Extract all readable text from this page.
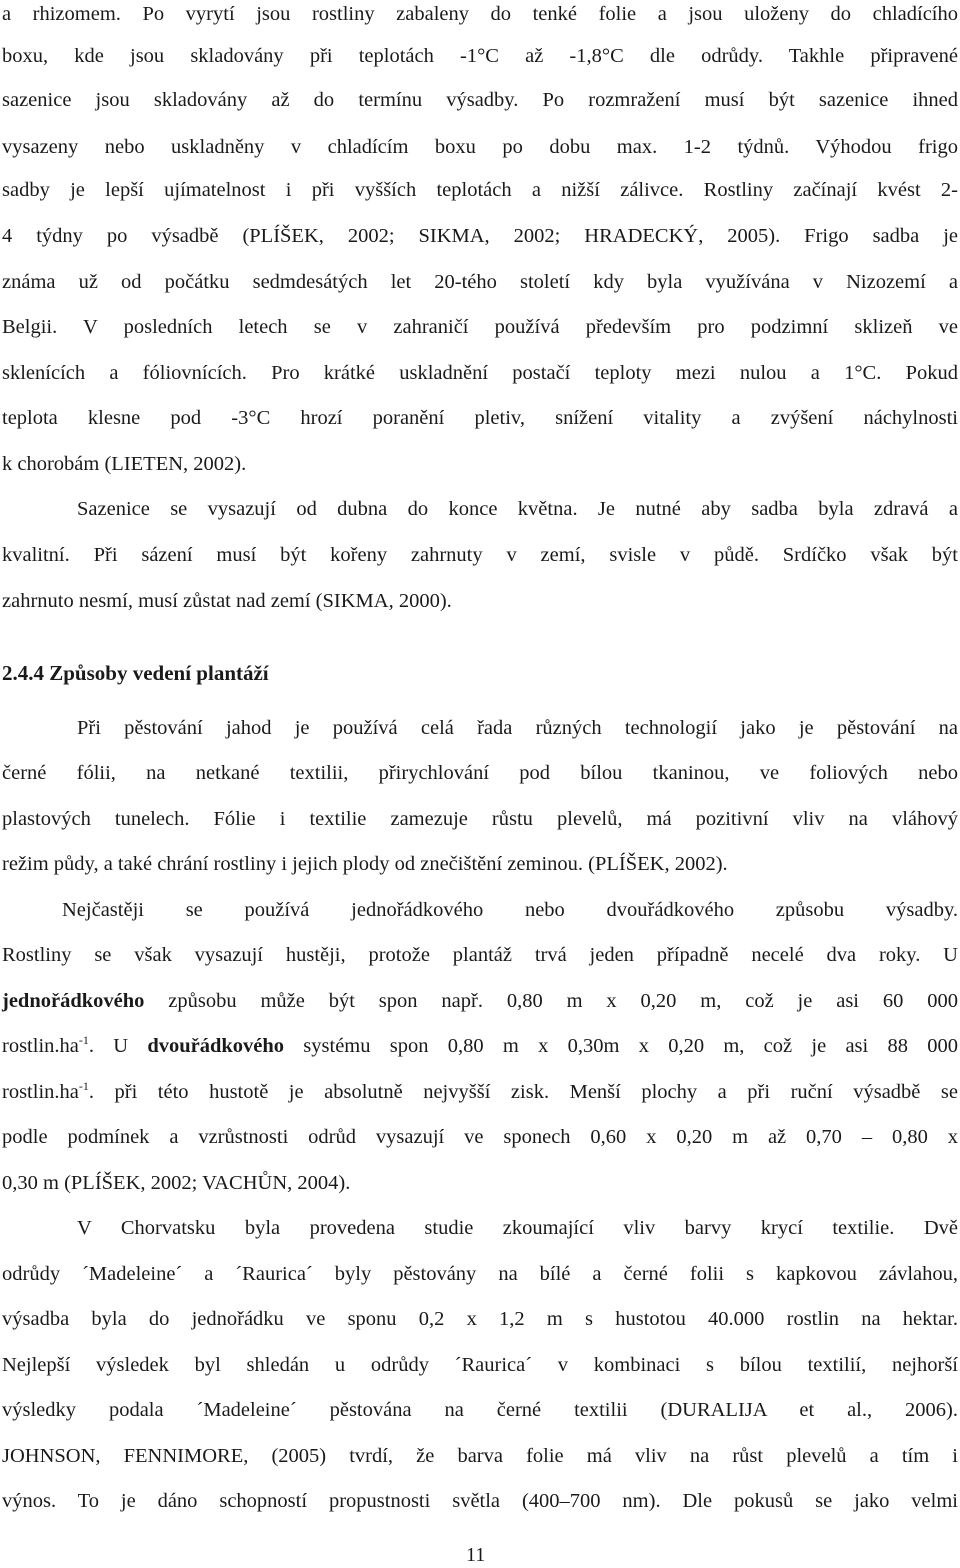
a rhizomem. Po vyrytí jsou rostliny zabaleny do tenké folie a jsou uloženy do chladícího
boxu, kde jsou skladovány při teplotách -1°C až -1,8°C dle odrůdy. Takhle připravené
sazenice jsou skladovány až do termínu výsadby. Po rozmražení musí být sazenice ihned
vysazeny nebo uskladněny v chladícím boxu po dobu max. 1-2 týdnů. Výhodou frigo
sadby je lepší ujímatelnost i při vyšších teplotách a nižší zálivce. Rostliny začínají kvést 2-
4 týdny po výsadbě (PLÍŠEK, 2002; SIKMA, 2002; HRADECKÝ, 2005). Frigo sadba je
známa už od počátku sedmdesátých let 20-tého století kdy byla využívána v Nizozemí a
Belgii. V posledních letech se v zahraničí používá především pro podzimní sklizeň ve
sklenících a fóliovnících. Pro krátké uskladnění postačí teploty mezi nulou a 1°C. Pokud
teplota klesne pod -3°C hrozí poranění pletiv, snížení vitality a zvýšení náchylnosti
k chorobám (LIETEN, 2002).
Sazenice se vysazují od dubna do konce května. Je nutné aby sadba byla zdravá a
kvalitní. Při sázení musí být kořeny zahrnuty v zemí, svisle v půdě. Srdíčko však být
zahrnuto nesmí, musí zůstat nad zemí (SIKMA, 2000).
2.4.4 Způsoby vedení plantáží
Při pěstování jahod je používá celá řada různých technologií jako je pěstování na
černé fólii, na netkané textilii, přirychlování pod bílou tkaninou, ve foliových nebo
plastových tunelech. Fólie i textilie zamezuje růstu plevelů, má pozitivní vliv na vláhový
režim půdy, a také chrání rostliny i jejich plody od znečištění zeminou. (PLÍŠEK, 2002).
Nejčastěji se používá jednořádkového nebo dvouřádkového způsobu výsadby.
Rostliny se však vysazují hustěji, protože plantáž trvá jeden případně necelé dva roky. U
jednořádkového způsobu může být spon např. 0,80 m x 0,20 m, což je asi 60 000
$rostlin.ha^{-1}$. U dvouřádkového systému spon 0,80 m x 0,30m x 0,20 m, což je asi 88 000
$rostlin.ha^{-1}$. při této hustotě je absolutně nejvyšší zisk. Menší plochy a při ruční výsadbě se
podle podmínek a vzrůstnosti odrůd vysazují ve sponech 0,60 x 0,20 m až 0,70 – 0,80 x
0,30 m (PLÍŠEK, 2002; VACHŮN, 2004).
V Chorvatsku byla provedena studie zkoumající vliv barvy krycí textilie. Dvě
odrůdy ´Madeleine´ a ´Raurica´ byly pěstovány na bílé a černé folii s kapkovou závlahou,
výsadba byla do jednořádku ve sponu 0,2 x 1,2 m s hustotou 40.000 rostlin na hektar.
Nejlepší výsledek byl shledán u odrůdy ´Raurica´ v kombinaci s bílou textilií, nejhorší
výsledky podala ´Madeleine´ pěstována na černé textilii (DURALIJA et al., 2006).
JOHNSON, FENNIMORE, (2005) tvrdí, že barva folie má vliv na růst plevelů a tím i
výnos. To je dáno schopností propustnosti světla (400–700 nm). Dle pokusů se jako velmi
11
